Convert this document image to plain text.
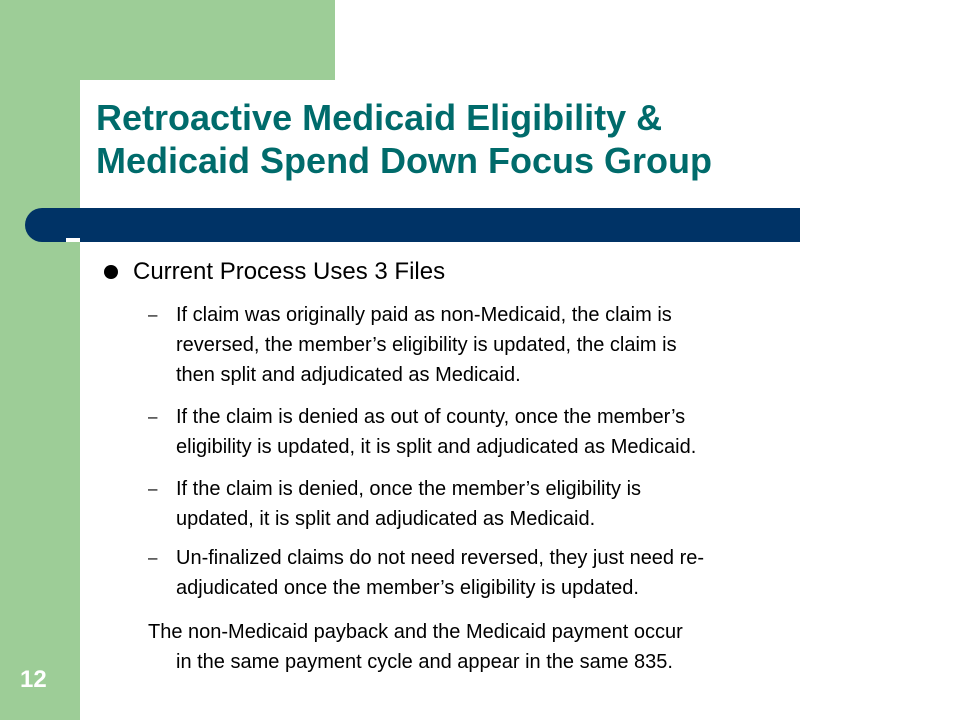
Retroactive Medicaid Eligibility &
Medicaid Spend Down Focus Group
Current Process Uses 3 Files
– If claim was originally paid as non-Medicaid, the claim is
reversed, the member’s eligibility is updated, the claim is
then split and adjudicated as Medicaid.
– If the claim is denied as out of county, once the member’s
eligibility is updated, it is split and adjudicated as Medicaid.
– If the claim is denied, once the member’s eligibility is
updated, it is split and adjudicated as Medicaid.
– Un-finalized claims do not need reversed, they just need re-
adjudicated once the member’s eligibility is updated.
The non-Medicaid payback and the Medicaid payment occur
in the same payment cycle and appear in the same 835.
12
